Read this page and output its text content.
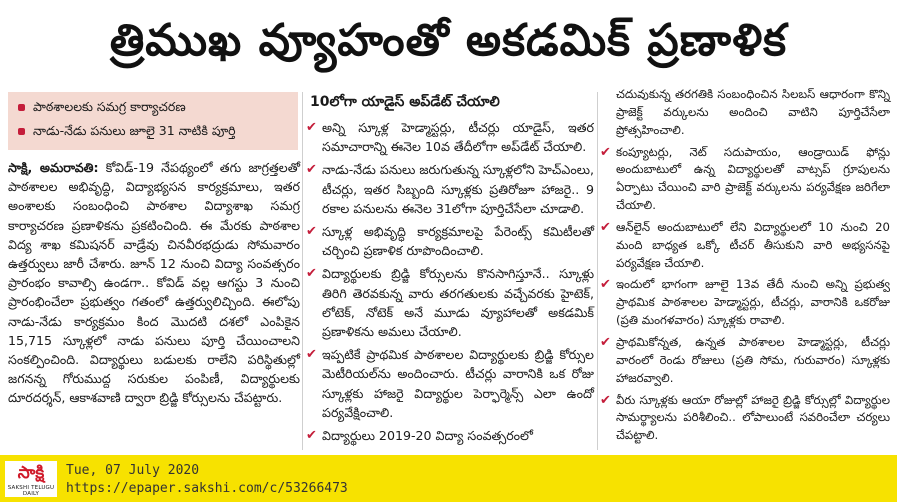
త్రిముఖ వ్యూహంతో అకడమిక్ ప్రణాళిక
పాఠశాలలకు సమగ్ర కార్యాచరణ
నాడు-నేడు పనులు జూలై 31 నాటికి పూర్తి
సాక్షి, అమరావతి: కోవిడ్-19 నేపథ్యంలో తగు జాగ్రత్తలతో పాఠశాలల అభివృద్ధి, విద్యాభ్యసన కార్యక్రమాలు, ఇతర అంశాలకు సంబంధించి పాఠశాల విద్యాశాఖ సమగ్ర కార్యాచరణ ప్రణాళికను ప్రకటించింది. ఈ మేరకు పాఠశాల విద్య శాఖ కమిషనర్ వాడ్రేవు చినవీరభద్రుడు సోమవారం ఉత్తర్వులు జారీ చేశారు. జూన్ 12 నుంచి విద్యా సంవత్సరం ప్రారంభం కావాల్సి ఉండగా.. కోవిడ్ వల్ల ఆగస్టు 3 నుంచి ప్రారంభించేలా ప్రభుత్వం గతంలో ఉత్తర్వులిచ్చింది. ఈలోపు నాడు-నేడు కార్యక్రమం కింద మొదటి దశలో ఎంపికైన 15,715 స్కూళ్లలో నాడు పనులు పూర్తి చేయించాలని సంకల్పించింది. విద్యార్థులు బడులకు రాలేని పరిస్థితుల్లో జగనన్న గోరుముద్ద సరుకుల పంపిణీ, విద్యార్థులకు దూరదర్శన్, ఆకాశవాణి ద్వారా బ్రిడ్జి కోర్సులను చేపట్టారు.
10లోగా యాడైస్ అప్‌డేట్ చేయాలి
✔ అన్ని స్కూళ్ల హెడ్మాస్టర్లు, టీచర్లు యాడైస్, ఇతర సమాచారాన్ని ఈనెల 10వ తేదీలోగా అప్‌డేట్ చేయాలి.
✔ నాడు-నేడు పనులు జరుగుతున్న స్కూళ్లలోని హెచ్ఎంలు, టీచర్లు, ఇతర సిబ్బంది స్కూళ్లకు ప్రతిరోజూ హాజరై.. 9 రకాల పనులను ఈనెల 31లోగా పూర్తిచేసేలా చూడాలి.
✔ స్కూళ్ల అభివృద్ధి కార్యక్రమాలపై పేరెంట్స్ కమిటీలతో చర్చించి ప్రణాళిక రూపొందించాలి.
✔ విద్యార్థులకు బ్రిడ్జి కోర్సులను కొనసాగిస్తూనే.. స్కూళ్లు తిరిగి తెరవకున్న వారు తరగతులకు వచ్చేవరకు హైటెక్, లోటెక్, నోటెక్ అనే మూడు వ్యూహాలతో అకడమిక్ ప్రణాళికను అమలు చేయాలి.
✔ ఇప్పటికే ప్రాథమిక పాఠశాలల విద్యార్థులకు బ్రిడ్జి కోర్సుల మెటీరియల్‌ను అందించారు. టీచర్లు వారానికి ఒక రోజు స్కూళ్లకు హాజరై విద్యార్థుల పెర్ఫార్మెన్స్ ఎలా ఉందో పర్యవేక్షించాలి.
✔ విద్యార్థులు 2019-20 విద్యా సంవత్సరంలో
చదువుకున్న తరగతికి సంబంధించిన సిలబస్ ఆధారంగా కొన్ని ప్రాజెక్ట్ వర్కులను అందించి వాటిని పూర్తిచేసేలా ప్రోత్సహించాలి.
✔ కంప్యూటర్లు, నెట్ సదుపాయం, ఆండ్రాయిడ్ ఫోన్లు అందుబాటులో ఉన్న విద్యార్థులతో వాట్సప్ గ్రూపులను ఏర్పాటు చేయించి వారి ప్రాజెక్ట్ వర్కులను పర్యవేక్షణ జరిగేలా చేయాలి.
✔ ఆన్‌లైన్ అందుబాటులో లేని విద్యార్థులలో 10 నుంచి 20 మంది బాధ్యత ఒక్కో టీచర్ తీసుకుని వారి అభ్యసనపై పర్యవేక్షణ చేయాలి.
✔ ఇందులో భాగంగా జూలై 13వ తేదీ నుంచి అన్ని ప్రభుత్వ ప్రాథమిక పాఠశాలల హెడ్మాస్టర్లు, టీచర్లు, వారానికి ఒకరోజు (ప్రతి మంగళవారం) స్కూళ్లకు రావాలి.
✔ ప్రాథమికోన్నత, ఉన్నత పాఠశాలల హెడ్మాస్టర్లు, టీచర్లు వారంలో రెండు రోజులు (ప్రతి సోమ, గురువారం) స్కూళ్లకు హాజరవ్వాలి.
✔ వీరు స్కూళ్లకు ఆయా రోజుల్లో హాజరై బ్రిడ్జి కోర్సుల్లో విద్యార్థుల సామర్థ్యాలను పరిశీలించి.. లోపాలుంటే సవరించేలా చర్యలు చేపట్టాలి.
సాక్షి
SAKSHI TELUGU DAILY
Tue, 07 July 2020
https://epaper.sakshi.com/c/53266473
